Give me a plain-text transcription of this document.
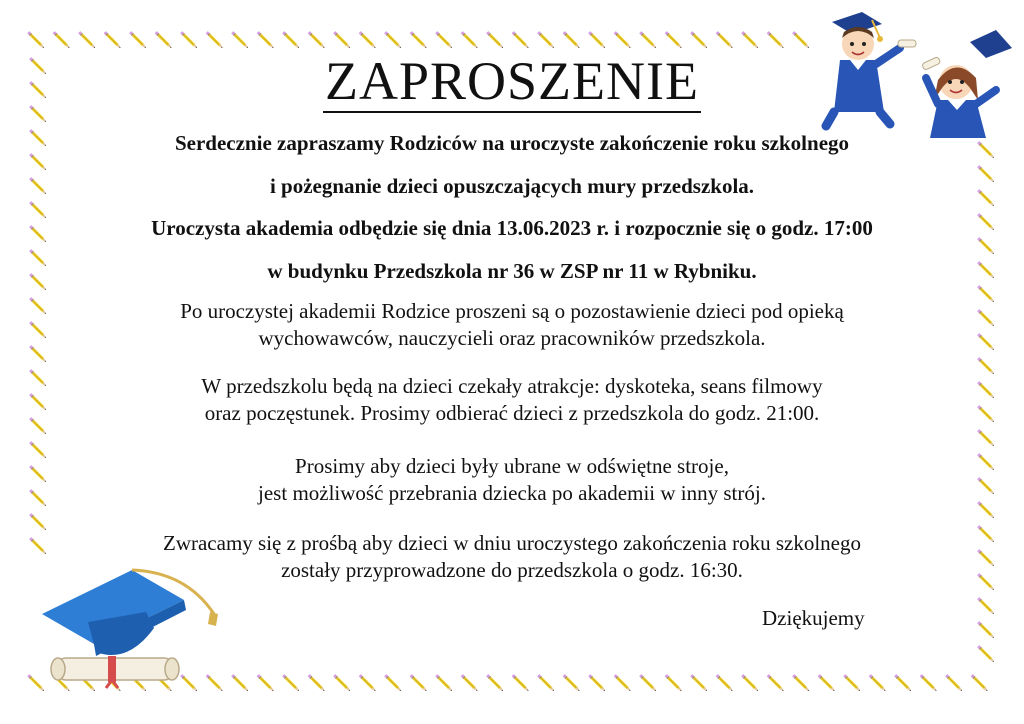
ZAPROSZENIE
Serdecznie zapraszamy Rodziców na uroczyste zakończenie roku szkolnego
i pożegnanie dzieci opuszczających mury przedszkola.
Uroczysta akademia odbędzie się dnia 13.06.2023 r. i rozpocznie się o godz. 17:00
w budynku Przedszkola nr 36 w ZSP nr 11 w Rybniku.
Po uroczystej akademii Rodzice proszeni są o pozostawienie dzieci pod opieką
wychowawców, nauczycieli oraz pracowników przedszkola.
W przedszkolu będą na dzieci czekały atrakcje: dyskoteka, seans filmowy
oraz poczęstunek. Prosimy odbierać dzieci z przedszkola do godz. 21:00.
Prosimy aby dzieci były ubrane w odświętne stroje,
jest możliwość przebrania dziecka po akademii w inny strój.
Zwracamy się z prośbą aby dzieci w dniu uroczystego zakończenia roku szkolnego
zostały przyprowadzone do przedszkola o godz. 16:30.
Dziękujemy
